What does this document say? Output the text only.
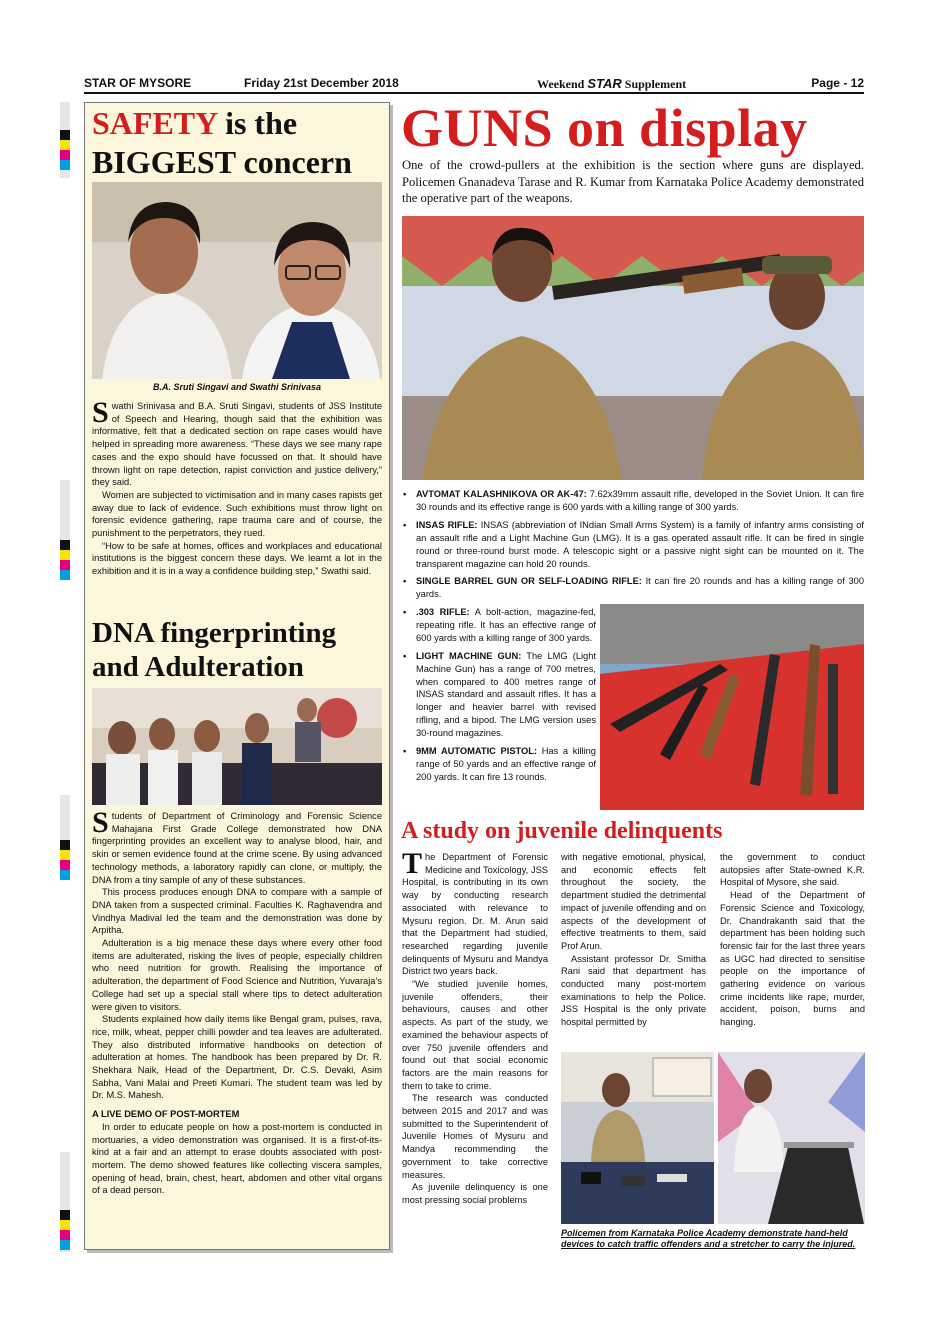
STAR OF MYSORE	Friday 21st December 2018	Weekend STAR Supplement	Page - 12
SAFETY is the BIGGEST concern
B.A. Sruti Singavi and Swathi Srinivasa

Swathi Srinivasa and B.A. Sruti Singavi, students of JSS Institute of Speech and Hearing, though said that the exhibition was informative, felt that a dedicated section on rape cases would have helped in spreading more awareness. “These days we see many rape cases and the expo should have focussed on that. It should have thrown light on rape detection, rapist conviction and justice delivery,” they said.

Women are subjected to victimisation and in many cases rapists get away due to lack of evidence. Such exhibitions must throw light on forensic evidence gathering, rape trauma care and of course, the punishment to the perpetrators, they rued.

“How to be safe at homes, offices and workplaces and educational institutions is the biggest concern these days. We learnt a lot in the exhibition and it is in a way a confidence building step,” Swathi said.

DNA fingerprinting and Adulteration

Students of Department of Criminology and Forensic Science Mahajana First Grade College demonstrated how DNA fingerprinting provides an excellent way to analyse blood, hair, and skin or semen evidence found at the crime scene. By using advanced technology methods, a laboratory rapidly can clone, or multiply, the DNA from a tiny sample of any of these substances.

This process produces enough DNA to compare with a sample of DNA taken from a suspected criminal. Faculties K. Raghavendra and Vindhya Madival led the team and the demonstration was done by Arpitha.

Adulteration is a big menace these days where every other food items are adulterated, risking the lives of people, especially children who need nutrition for growth. Realising the importance of adulteration, the department of Food Science and Nutrition, Yuvaraja’s College had set up a special stall where tips to detect adulteration were given to visitors.

Students explained how daily items like Bengal gram, pulses, rava, rice, milk, wheat, pepper chilli powder and tea leaves are adulterated. They also distributed informative handbooks on detection of adulteration at homes. The handbook has been prepared by Dr. R. Shekhara Naik, Head of the Department, Dr. C.S. Devaki, Asim Sabha, Vani Malai and Preeti Kumari. The student team was led by Dr. M.S. Mahesh.

A LIVE DEMO OF POST-MORTEM

In order to educate people on how a post-mortem is conducted in mortuaries, a video demonstration was organised. It is a first-of-its-kind at a fair and an attempt to erase doubts associated with post-mortem. The demo showed features like collecting viscera samples, opening of head, brain, chest, heart, abdomen and other vital organs of a dead person.

GUNS on display
One of the crowd-pullers at the exhibition is the section where guns are displayed. Policemen Gnanadeva Tarase and R. Kumar from Karnataka Police Academy demonstrated the operative part of the weapons.
• AVTOMAT KALASHNIKOVA OR AK-47: 7.62x39mm assault rifle, developed in the Soviet Union. It can fire 30 rounds and its effective range is 600 yards with a killing range of 300 yards.
• INSAS RIFLE: INSAS (abbreviation of INdian Small Arms System) is a family of infantry arms consisting of an assault rifle and a Light Machine Gun (LMG). It is a gas operated assault rifle. It can be fired in single round or three-round burst mode. A telescopic sight or a passive night sight can be mounted on it. The transparent magazine can hold 20 rounds.
• SINGLE BARREL GUN OR SELF-LOADING RIFLE: It can fire 20 rounds and has a killing range of 300 yards.
• .303 RIFLE: A bolt-action, magazine-fed, repeating rifle. It has an effective range of 600 yards with a killing range of 300 yards.
• LIGHT MACHINE GUN: The LMG (Light Machine Gun) has a range of 700 metres, when compared to 400 metres range of INSAS standard and assault rifles. It has a longer and heavier barrel with revised rifling, and a bipod. The LMG version uses 30-round magazines.
• 9MM AUTOMATIC PISTOL: Has a killing range of 50 yards and an effective range of 200 yards. It can fire 13 rounds.
A study on juvenile delinquents

The Department of Forensic Medicine and Toxicology, JSS Hospital, is contributing in its own way by conducting research associated with relevance to Mysuru region. Dr. M. Arun said that the Department had studied, researched regarding juvenile delinquents of Mysuru and Mandya District two years back.

“We studied juvenile homes, juvenile offenders, their behaviours, causes and other aspects. As part of the study, we examined the behaviour aspects of over 750 juvenile offenders and found out that social economic factors are the main reasons for them to take to crime.

The research was conducted between 2015 and 2017 and was submitted to the Superintendent of Juvenile Homes of Mysuru and Mandya recommending the government to take corrective measures.

As juvenile delinquency is one most pressing social problems

with negative emotional, physical, and economic effects felt throughout the society, the department studied the detrimental impact of juvenile offending and on aspects of the development of effective treatments to them, said Prof Arun.

Assistant professor Dr. Smitha Rani said that department has conducted many post-mortem examinations to help the Police. JSS Hospital is the only private hospital permitted by

the government to conduct autopsies after State-owned K.R. Hospital of Mysore, she said.

Head of the Department of Forensic Science and Toxicology, Dr. Chandrakanth said that the department has been holding such forensic fair for the last three years as UGC had directed to sensitise people on the importance of gathering evidence on various crime incidents like rape, murder, accident, poison, burns and hanging.

Policemen from Karnataka Police Academy demonstrate hand-held devices to catch traffic offenders and a stretcher to carry the injured.
